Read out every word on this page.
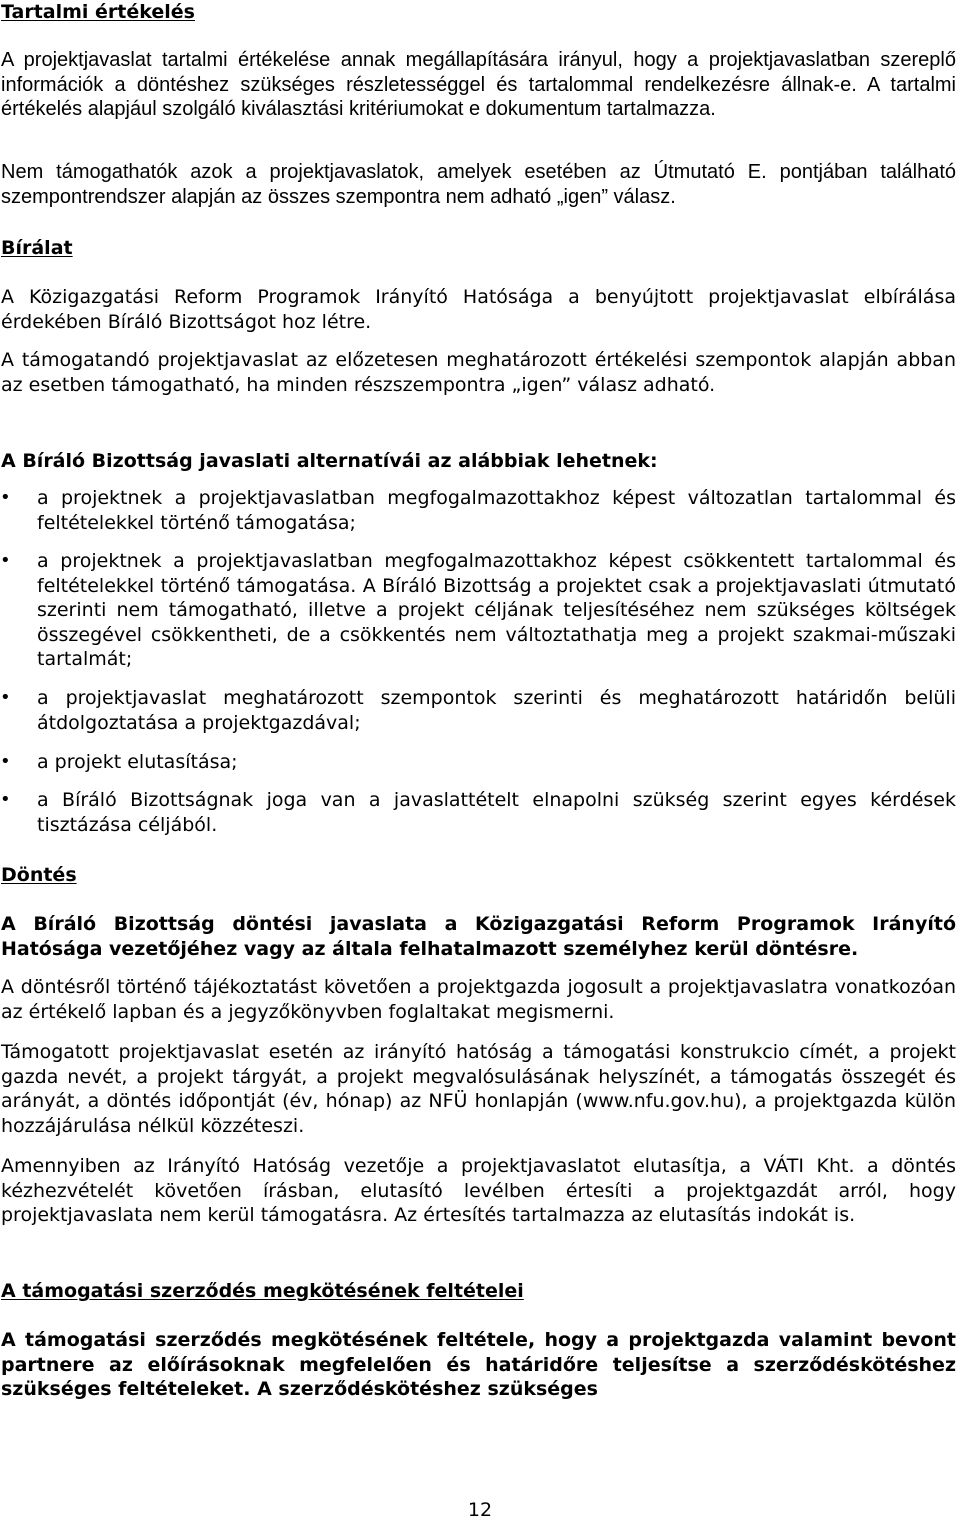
Tartalmi értékelés

A projektjavaslat tartalmi értékelése annak megállapítására irányul, hogy a projektjavaslatban szereplő információk a döntéshez szükséges részletességgel és tartalommal rendelkezésre állnak-e. A tartalmi értékelés alapjául szolgáló kiválasztási kritériumokat e dokumentum tartalmazza.

Nem támogathatók azok a projektjavaslatok, amelyek esetében az Útmutató E. pontjában található szempontrendszer alapján az összes szempontra nem adható „igen” válasz.

Bírálat

A Közigazgatási Reform Programok Irányító Hatósága a benyújtott projektjavaslat elbírálása érdekében Bíráló Bizottságot hoz létre.

A támogatandó projektjavaslat az előzetesen meghatározott értékelési szempontok alapján abban az esetben támogatható, ha minden részszempontra „igen” válasz adható.

A Bíráló Bizottság javaslati alternatívái az alábbiak lehetnek:

• a projektnek a projektjavaslatban megfogalmazottakhoz képest változatlan tartalommal és feltételekkel történő támogatása;

• a projektnek a projektjavaslatban megfogalmazottakhoz képest csökkentett tartalommal és feltételekkel történő támogatása. A Bíráló Bizottság a projektet csak a projektjavaslati útmutató szerinti nem támogatható, illetve a projekt céljának teljesítéséhez nem szükséges költségek összegével csökkentheti, de a csökkentés nem változtathatja meg a projekt szakmai-műszaki tartalmát;

• a projektjavaslat meghatározott szempontok szerinti és meghatározott határidőn belüli átdolgoztatása a projektgazdával;

• a projekt elutasítása;

• a Bíráló Bizottságnak joga van a javaslattételt elnapolni szükség szerint egyes kérdések tisztázása céljából.

Döntés

A Bíráló Bizottság döntési javaslata a Közigazgatási Reform Programok Irányító Hatósága vezetőjéhez vagy az általa felhatalmazott személyhez kerül döntésre.

A döntésről történő tájékoztatást követően a projektgazda jogosult a projektjavaslatra vonatkozóan az értékelő lapban és a jegyzőkönyvben foglaltakat megismerni.

Támogatott projektjavaslat esetén az irányító hatóság a támogatási konstrukcio címét, a projekt gazda nevét, a projekt tárgyát, a projekt megvalósulásának helyszínét, a támogatás összegét és arányát, a döntés időpontját (év, hónap) az NFÜ honlapján (www.nfu.gov.hu), a projektgazda külön hozzájárulása nélkül közzéteszi.

Amennyiben az Irányító Hatóság vezetője a projektjavaslatot elutasítja, a VÁTI Kht. a döntés kézhezvételét követően írásban, elutasító levélben értesíti a projektgazdát arról, hogy projektjavaslata nem kerül támogatásra. Az értesítés tartalmazza az elutasítás indokát is.

A támogatási szerződés megkötésének feltételei

A támogatási szerződés megkötésének feltétele, hogy a projektgazda valamint bevont partnere az előírásoknak megfelelően és határidőre teljesítse a szerződéskötéshez szükséges feltételeket. A szerződéskötéshez szükséges

12
